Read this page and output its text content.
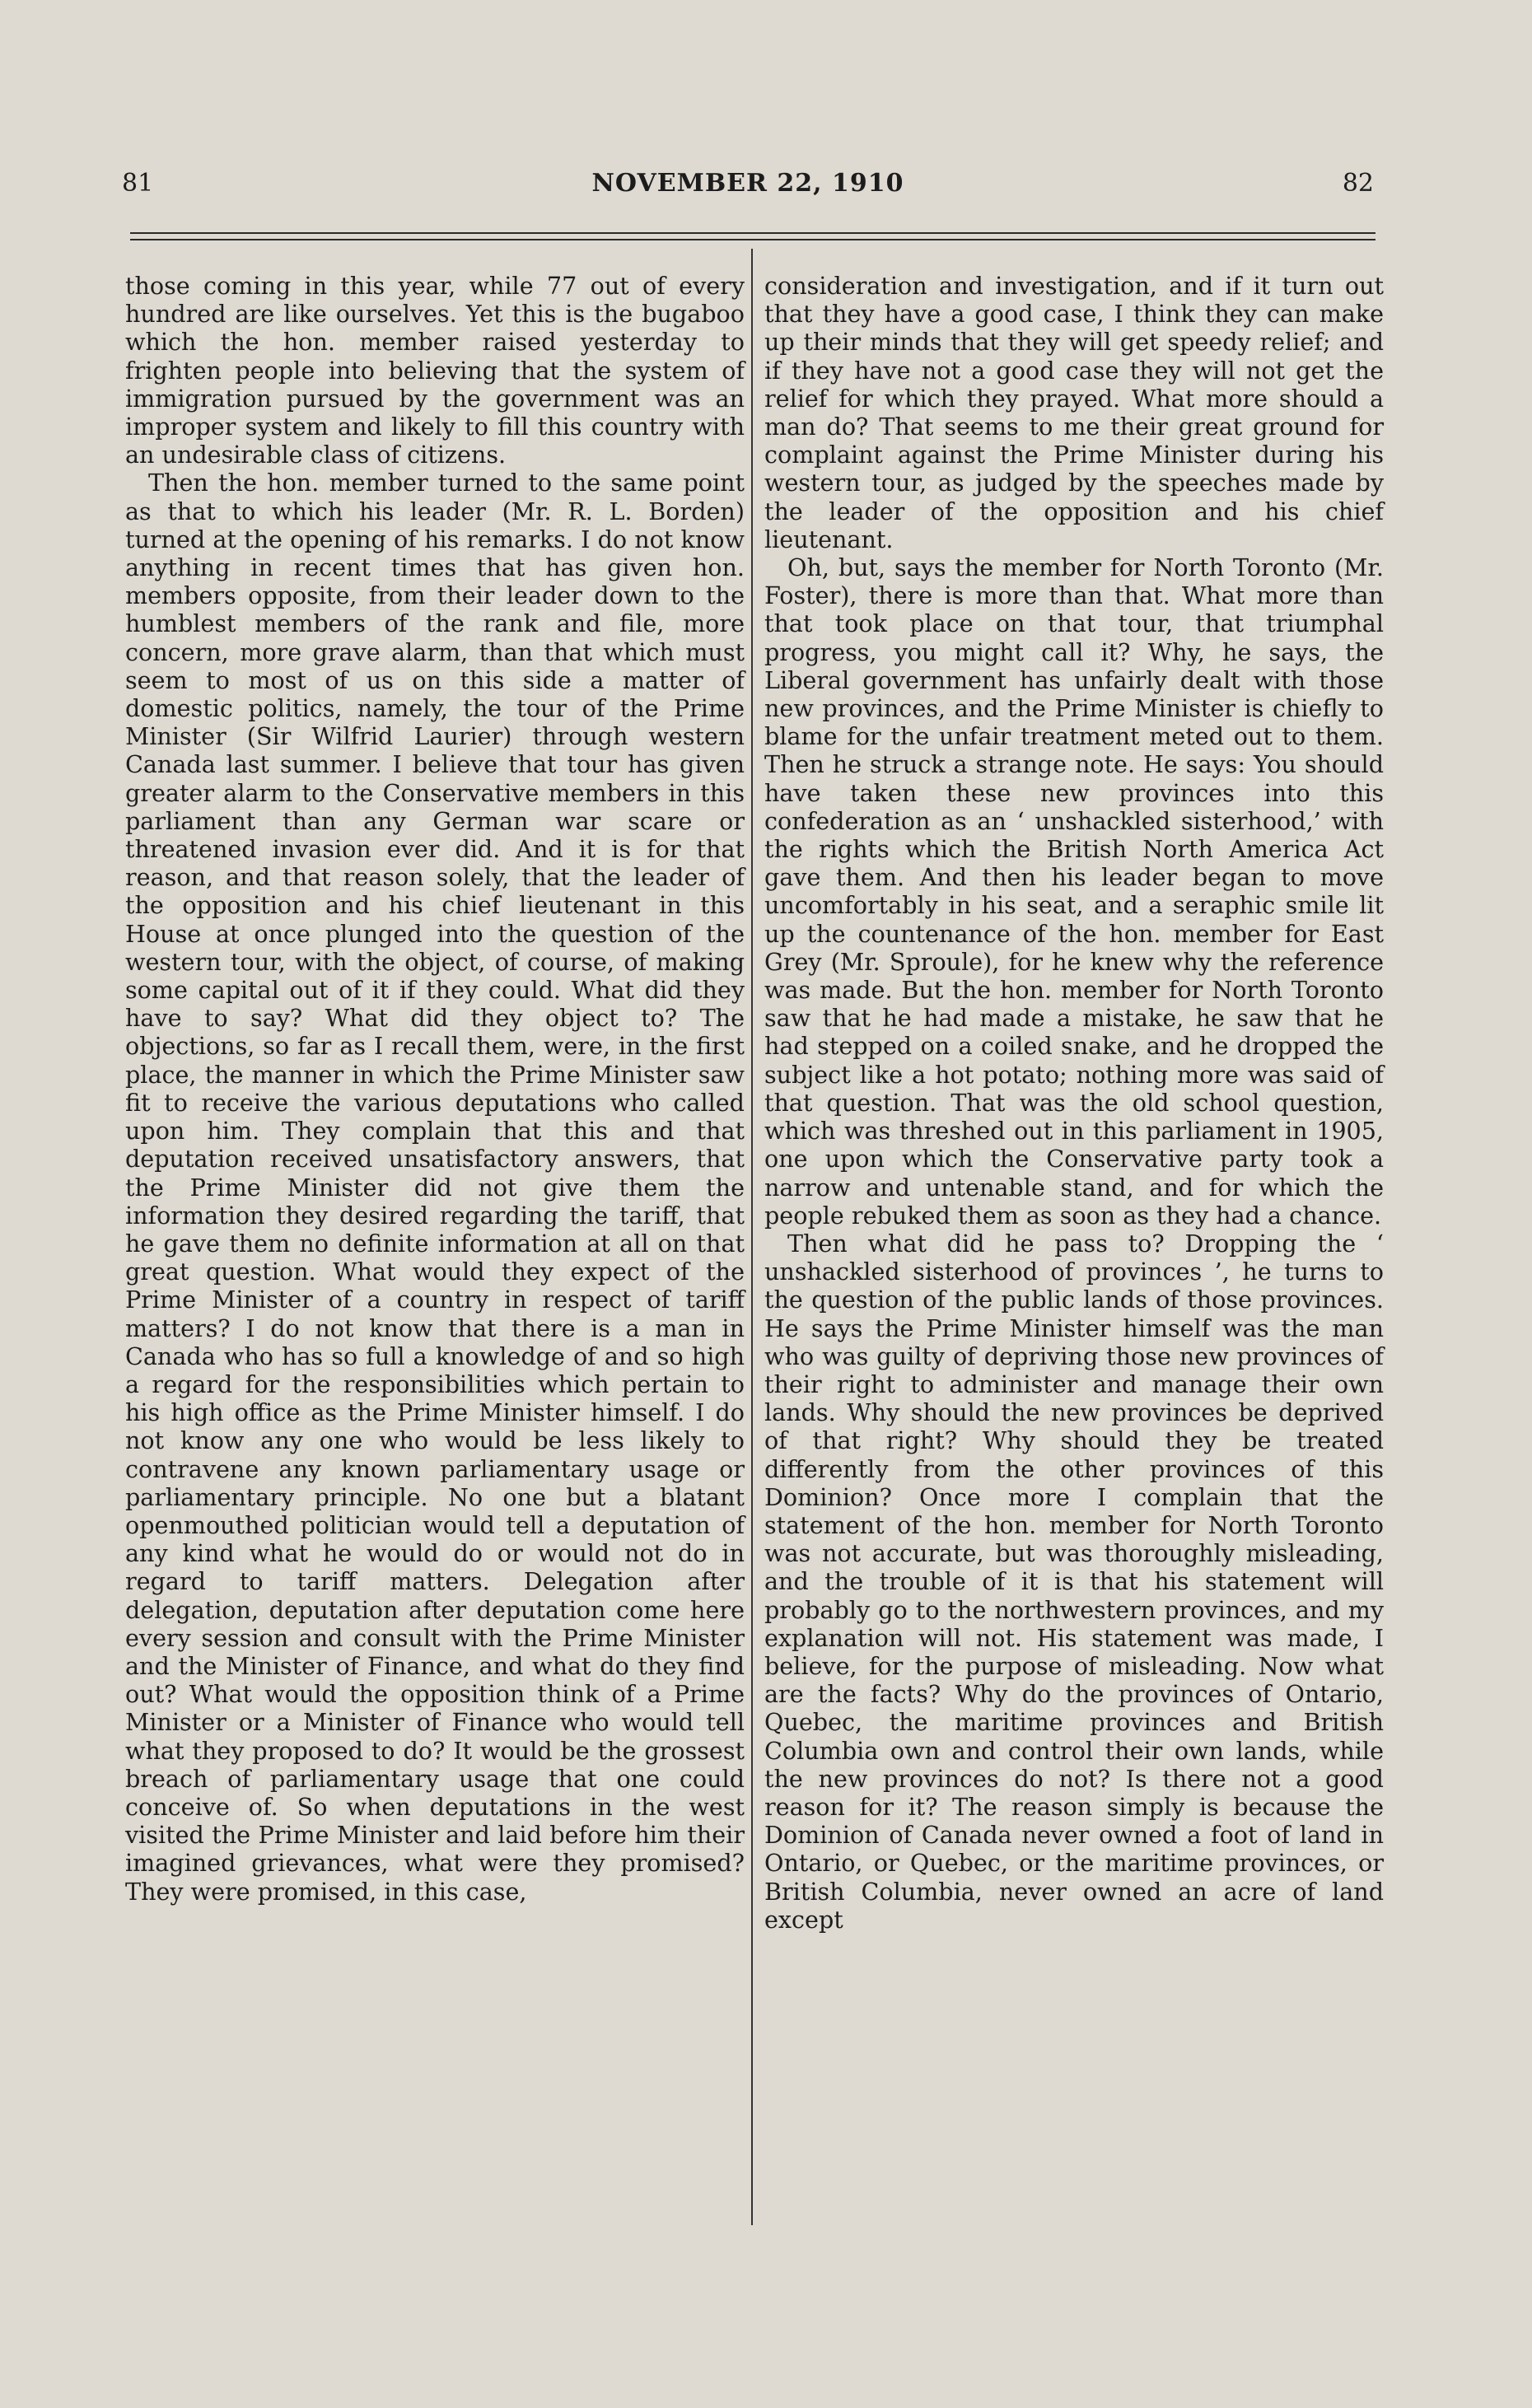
81	NOVEMBER 22, 1910	82

those coming in this year, while 77 out of every hundred are like ourselves. Yet this is the bugaboo which the hon. member raised yesterday to frighten people into believing that the system of immigration pursued by the government was an improper system and likely to fill this country with an undesirable class of citizens.

Then the hon. member turned to the same point as that to which his leader (Mr. R. L. Borden) turned at the opening of his remarks. I do not know anything in recent times that has given hon. members opposite, from their leader down to the humblest members of the rank and file, more concern, more grave alarm, than that which must seem to most of us on this side a matter of domestic politics, namely, the tour of the Prime Minister (Sir Wilfrid Laurier) through western Canada last summer. I believe that tour has given greater alarm to the Conservative members in this parliament than any German war scare or threatened invasion ever did. And it is for that reason, and that reason solely, that the leader of the opposition and his chief lieutenant in this House at once plunged into the question of the western tour, with the object, of course, of making some capital out of it if they could. What did they have to say? What did they object to? The objections, so far as I recall them, were, in the first place, the manner in which the Prime Minister saw fit to receive the various deputations who called upon him. They complain that this and that deputation received unsatisfactory answers, that the Prime Minister did not give them the information they desired regarding the tariff, that he gave them no definite information at all on that great question. What would they expect of the Prime Minister of a country in respect of tariff matters? I do not know that there is a man in Canada who has so full a knowledge of and so high a regard for the responsibilities which pertain to his high office as the Prime Minister himself. I do not know any one who would be less likely to contravene any known parliamentary usage or parliamentary principle. No one but a blatant openmouthed politician would tell a deputation of any kind what he would do or would not do in regard to tariff matters. Delegation after delegation, deputation after deputation come here every session and consult with the Prime Minister and the Minister of Finance, and what do they find out? What would the opposition think of a Prime Minister or a Minister of Finance who would tell what they proposed to do? It would be the grossest breach of parliamentary usage that one could conceive of. So when deputations in the west visited the Prime Minister and laid before him their imagined grievances, what were they promised? They were promised, in this case,

consideration and investigation, and if it turn out that they have a good case, I think they can make up their minds that they will get speedy relief; and if they have not a good case they will not get the relief for which they prayed. What more should a man do? That seems to me their great ground for complaint against the Prime Minister during his western tour, as judged by the speeches made by the leader of the opposition and his chief lieutenant.

Oh, but, says the member for North Toronto (Mr. Foster), there is more than that. What more than that took place on that tour, that triumphal progress, you might call it? Why, he says, the Liberal government has unfairly dealt with those new provinces, and the Prime Minister is chiefly to blame for the unfair treatment meted out to them. Then he struck a strange note. He says: You should have taken these new provinces into this confederation as an ‘ unshackled sisterhood,’ with the rights which the British North America Act gave them. And then his leader began to move uncomfortably in his seat, and a seraphic smile lit up the countenance of the hon. member for East Grey (Mr. Sproule), for he knew why the reference was made. But the hon. member for North Toronto saw that he had made a mistake, he saw that he had stepped on a coiled snake, and he dropped the subject like a hot potato; nothing more was said of that question. That was the old school question, which was threshed out in this parliament in 1905, one upon which the Conservative party took a narrow and untenable stand, and for which the people rebuked them as soon as they had a chance.

Then what did he pass to? Dropping the ‘ unshackled sisterhood of provinces ’, he turns to the question of the public lands of those provinces. He says the Prime Minister himself was the man who was guilty of depriving those new provinces of their right to administer and manage their own lands. Why should the new provinces be deprived of that right? Why should they be treated differently from the other provinces of this Dominion? Once more I complain that the statement of the hon. member for North Toronto was not accurate, but was thoroughly misleading, and the trouble of it is that his statement will probably go to the northwestern provinces, and my explanation will not. His statement was made, I believe, for the purpose of misleading. Now what are the facts? Why do the provinces of Ontario, Quebec, the maritime provinces and British Columbia own and control their own lands, while the new provinces do not? Is there not a good reason for it? The reason simply is because the Dominion of Canada never owned a foot of land in Ontario, or Quebec, or the maritime provinces, or British Columbia, never owned an acre of land except
